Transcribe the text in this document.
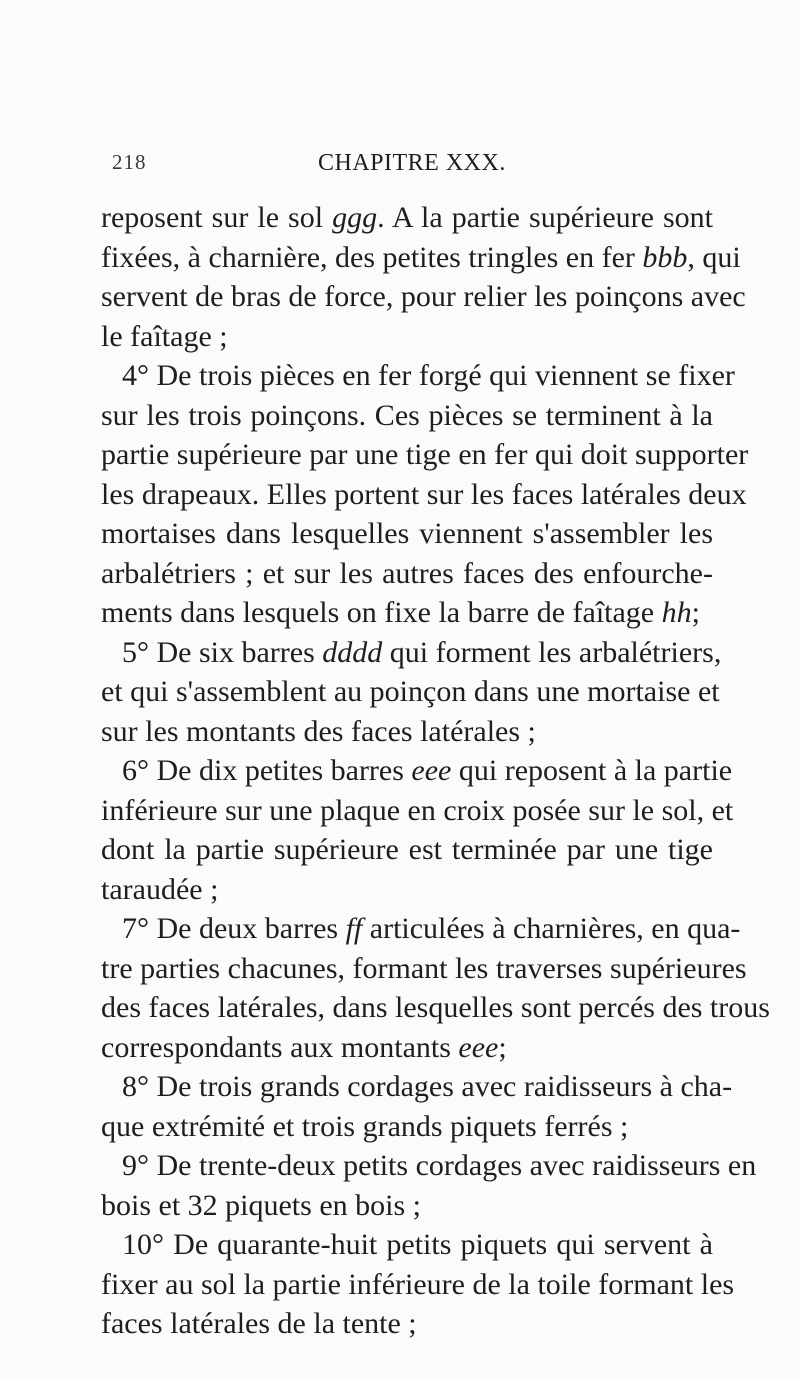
218	CHAPITRE XXX.
reposent sur le sol ggg. A la partie supérieure sont
fixées, à charnière, des petites tringles en fer bbb, qui
servent de bras de force, pour relier les poinçons avec
le faîtage ;
4° De trois pièces en fer forgé qui viennent se fixer
sur les trois poinçons. Ces pièces se terminent à la
partie supérieure par une tige en fer qui doit supporter
les drapeaux. Elles portent sur les faces latérales deux
mortaises dans lesquelles viennent s'assembler les
arbalétriers ; et sur les autres faces des enfourche-
ments dans lesquels on fixe la barre de faîtage hh;
5° De six barres dddd qui forment les arbalétriers,
et qui s'assemblent au poinçon dans une mortaise et
sur les montants des faces latérales ;
6° De dix petites barres eee qui reposent à la partie
inférieure sur une plaque en croix posée sur le sol, et
dont la partie supérieure est terminée par une tige
taraudée ;
7° De deux barres ff articulées à charnières, en qua-
tre parties chacunes, formant les traverses supérieures
des faces latérales, dans lesquelles sont percés des trous
correspondants aux montants eee;
8° De trois grands cordages avec raidisseurs à cha-
que extrémité et trois grands piquets ferrés ;
9° De trente-deux petits cordages avec raidisseurs en
bois et 32 piquets en bois ;
10° De quarante-huit petits piquets qui servent à
fixer au sol la partie inférieure de la toile formant les
faces latérales de la tente ;
